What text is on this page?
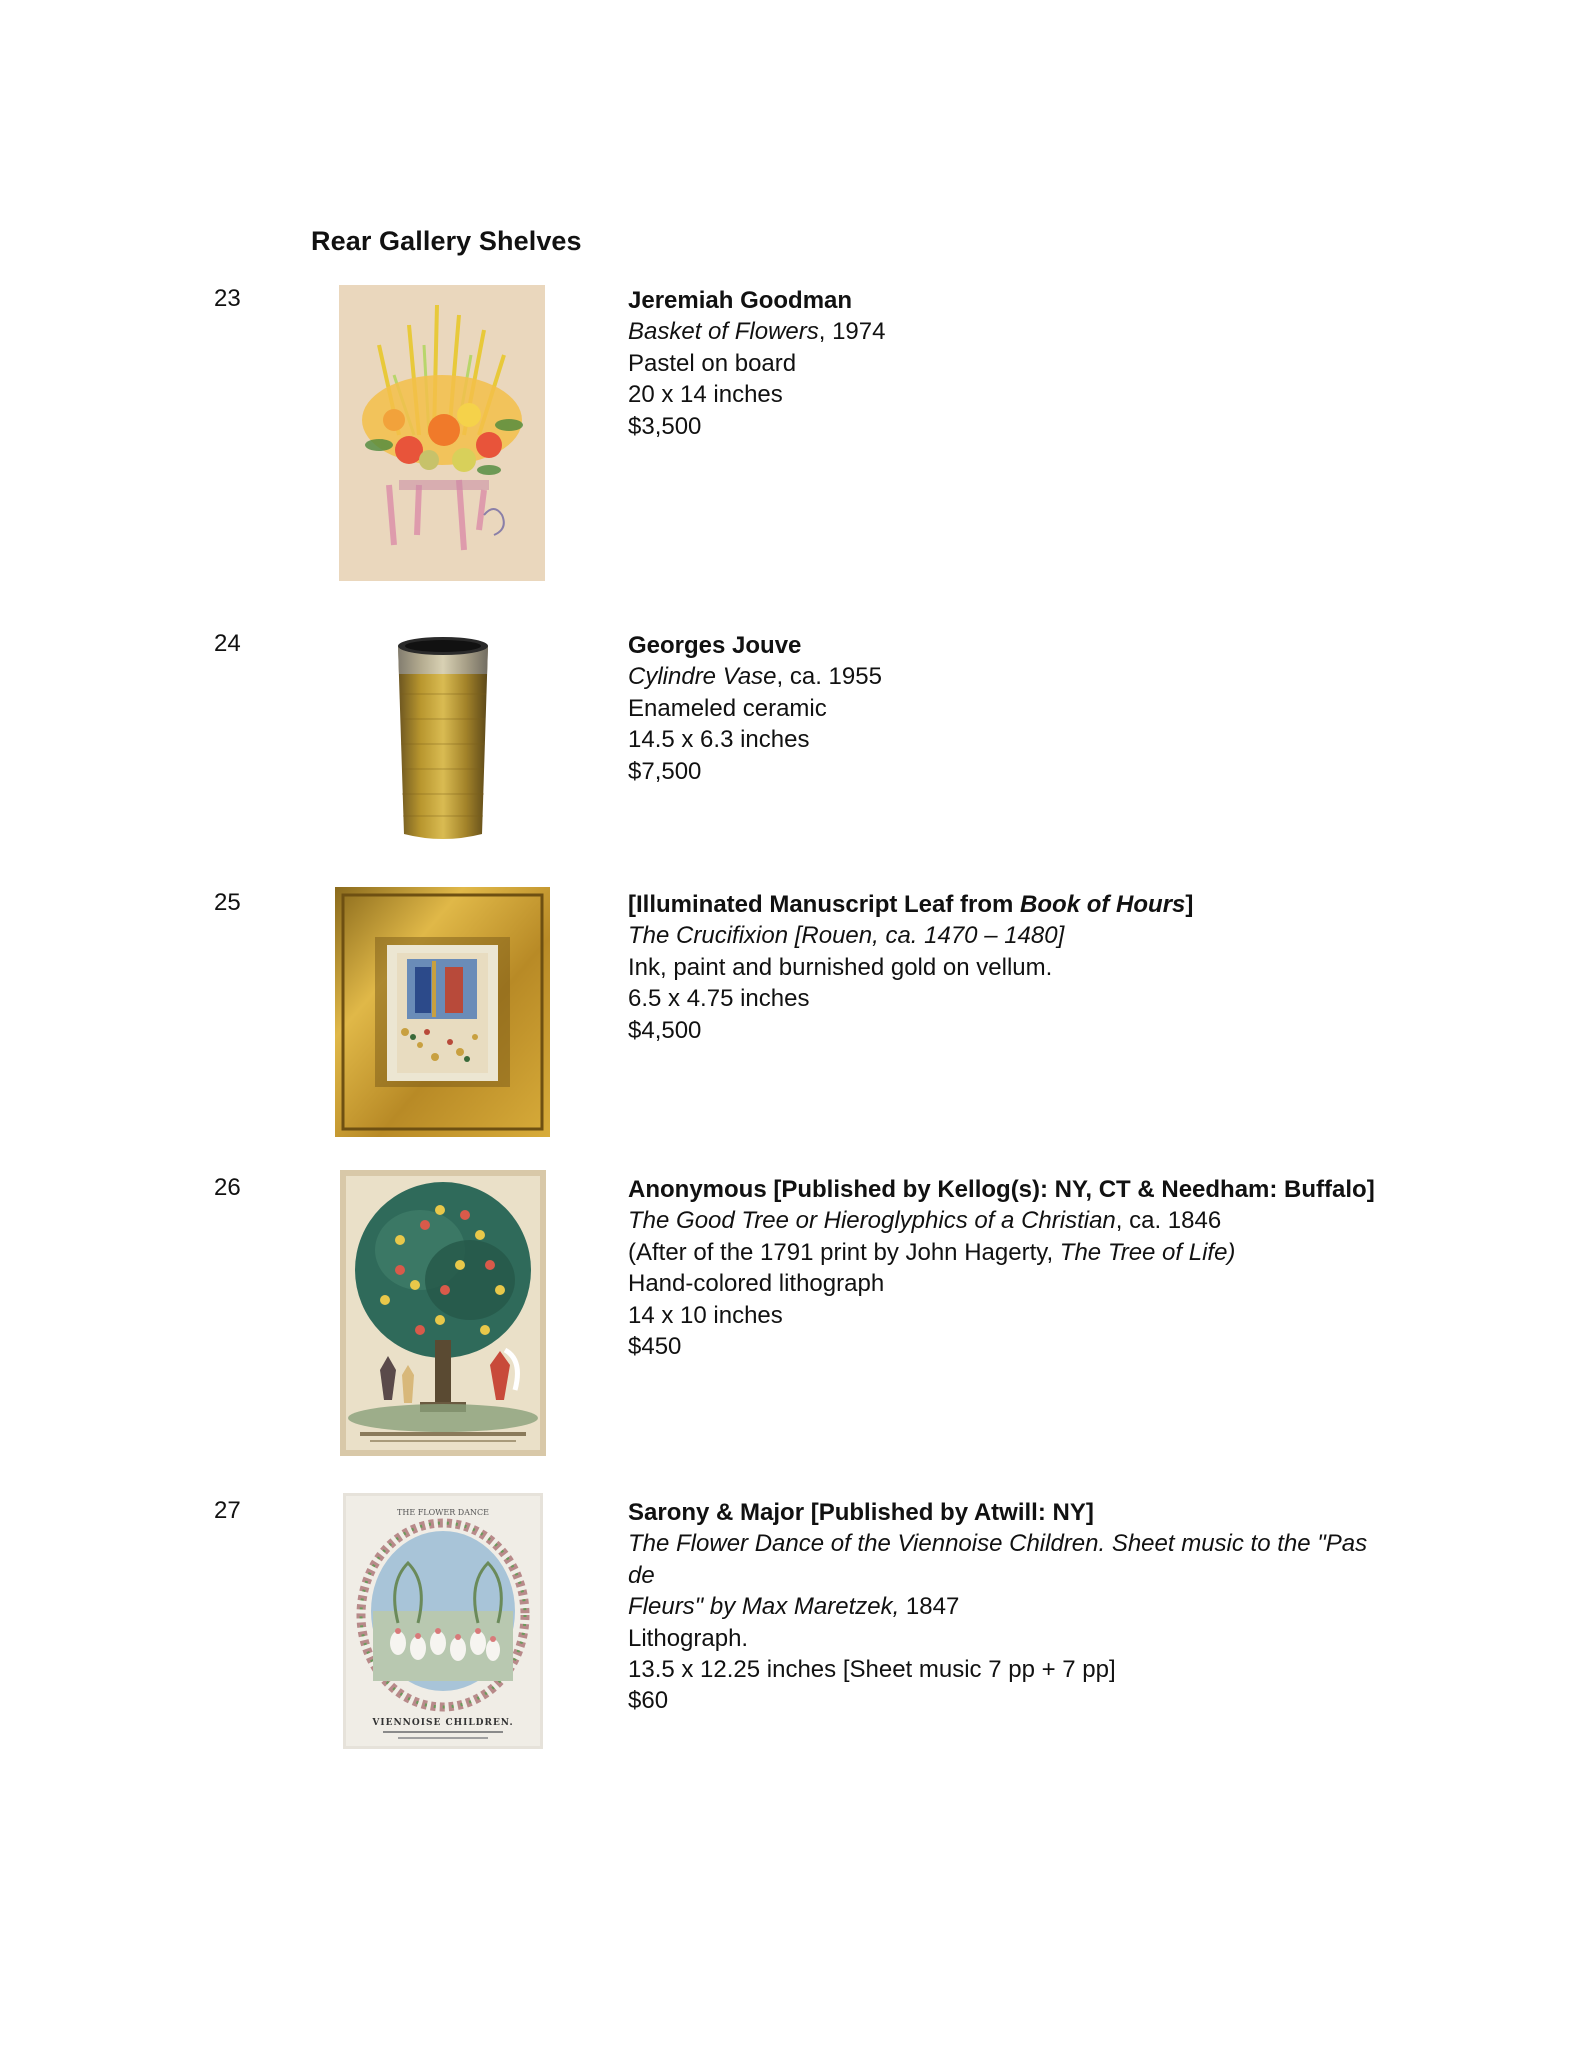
Rear Gallery Shelves
23	Jeremiah Goodman
Basket of Flowers, 1974
Pastel on board
20 x 14 inches
$3,500
24	Georges Jouve
Cylindre Vase, ca. 1955
Enameled ceramic
14.5 x 6.3 inches
$7,500
25	[Illuminated Manuscript Leaf from Book of Hours]
The Crucifixion [Rouen, ca. 1470 – 1480]
Ink, paint and burnished gold on vellum.
6.5 x 4.75 inches
$4,500
26	Anonymous [Published by Kellog(s): NY, CT & Needham: Buffalo]
The Good Tree or Hieroglyphics of a Christian, ca. 1846
(After of the 1791 print by John Hagerty, The Tree of Life)
Hand-colored lithograph
14 x 10 inches
$450
27	THE FLOWER DANCE
VIENNOISE CHILDREN.
Sarony & Major [Published by Atwill: NY]
The Flower Dance of the Viennoise Children. Sheet music to the "Pas de
Fleurs" by Max Maretzek, 1847
Lithograph.
13.5 x 12.25 inches [Sheet music 7 pp + 7 pp]
$60
